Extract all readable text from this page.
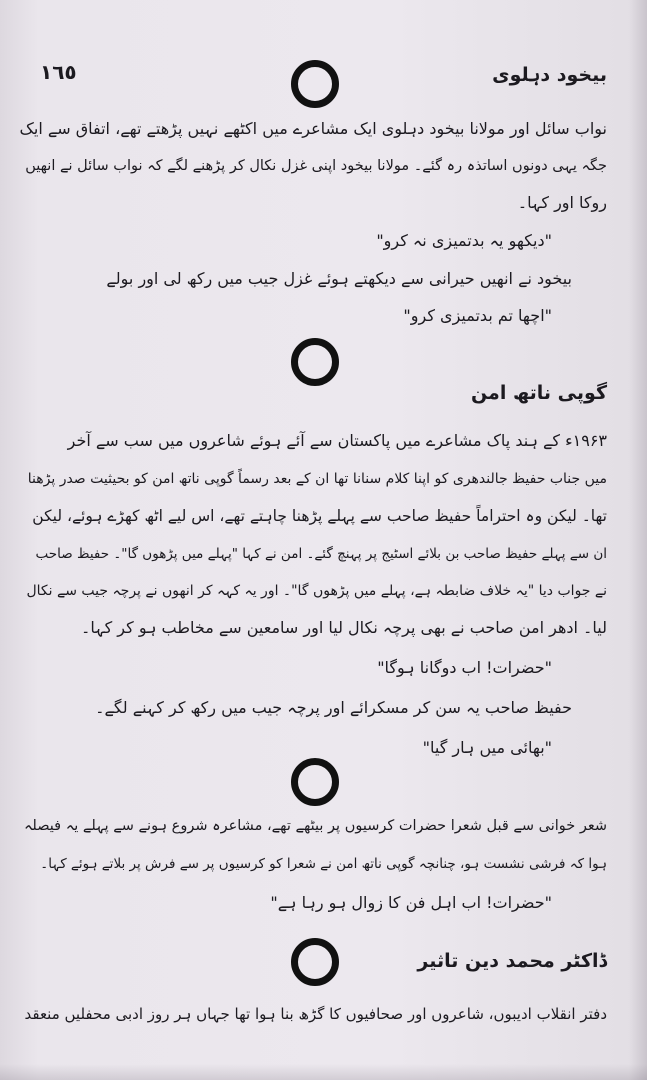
١٦٥	بیخود دہلوی
نواب سائل اور مولانا بیخود دہلوی ایک مشاعرے میں اکٹھے نہیں پڑھتے تھے، اتفاق سے ایک
جگہ یہی دونوں اساتذہ رہ گئے۔ مولانا بیخود اپنی غزل نکال کر پڑھنے لگے کہ نواب سائل نے انھیں
روکا اور کہا۔
"دیکھو یہ بدتمیزی نہ کرو"
بیخود نے انھیں حیرانی سے دیکھتے ہوئے غزل جیب میں رکھ لی اور بولے
"اچھا تم بدتمیزی کرو"
گوپی ناتھ امن
۱۹۶۳ء کے ہند پاک مشاعرے میں پاکستان سے آئے ہوئے شاعروں میں سب سے آخر
میں جناب حفیظ جالندھری کو اپنا کلام سنانا تھا ان کے بعد رسماً گوپی ناتھ امن کو بحیثیت صدر پڑھنا
تھا۔ لیکن وہ احتراماً حفیظ صاحب سے پہلے پڑھنا چاہتے تھے، اس لیے اٹھ کھڑے ہوئے، لیکن
ان سے پہلے حفیظ صاحب بن بلائے اسٹیج پر پہنچ گئے۔ امن نے کہا "پہلے میں پڑھوں گا"۔ حفیظ صاحب
نے جواب دیا "یہ خلاف ضابطہ ہے، پہلے میں پڑھوں گا"۔ اور یہ کہہ کر انھوں نے پرچہ جیب سے نکال
لیا۔ ادھر امن صاحب نے بھی پرچہ نکال لیا اور سامعین سے مخاطب ہو کر کہا۔
"حضرات! اب دوگانا ہوگا"
حفیظ صاحب یہ سن کر مسکرائے اور پرچہ جیب میں رکھ کر کہنے لگے۔
"بھائی میں ہار گیا"
شعر خوانی سے قبل شعرا حضرات کرسیوں پر بیٹھے تھے، مشاعرہ شروع ہونے سے پہلے یہ فیصلہ
ہوا کہ فرشی نشست ہو، چنانچہ گوپی ناتھ امن نے شعرا کو کرسیوں پر سے فرش پر بلاتے ہوئے کہا۔
"حضرات! اب اہل فن کا زوال ہو رہا ہے"
ڈاکٹر محمد دین تاثیر
دفتر انقلاب ادیبوں، شاعروں اور صحافیوں کا گڑھ بنا ہوا تھا جہاں ہر روز ادبی محفلیں منعقد
